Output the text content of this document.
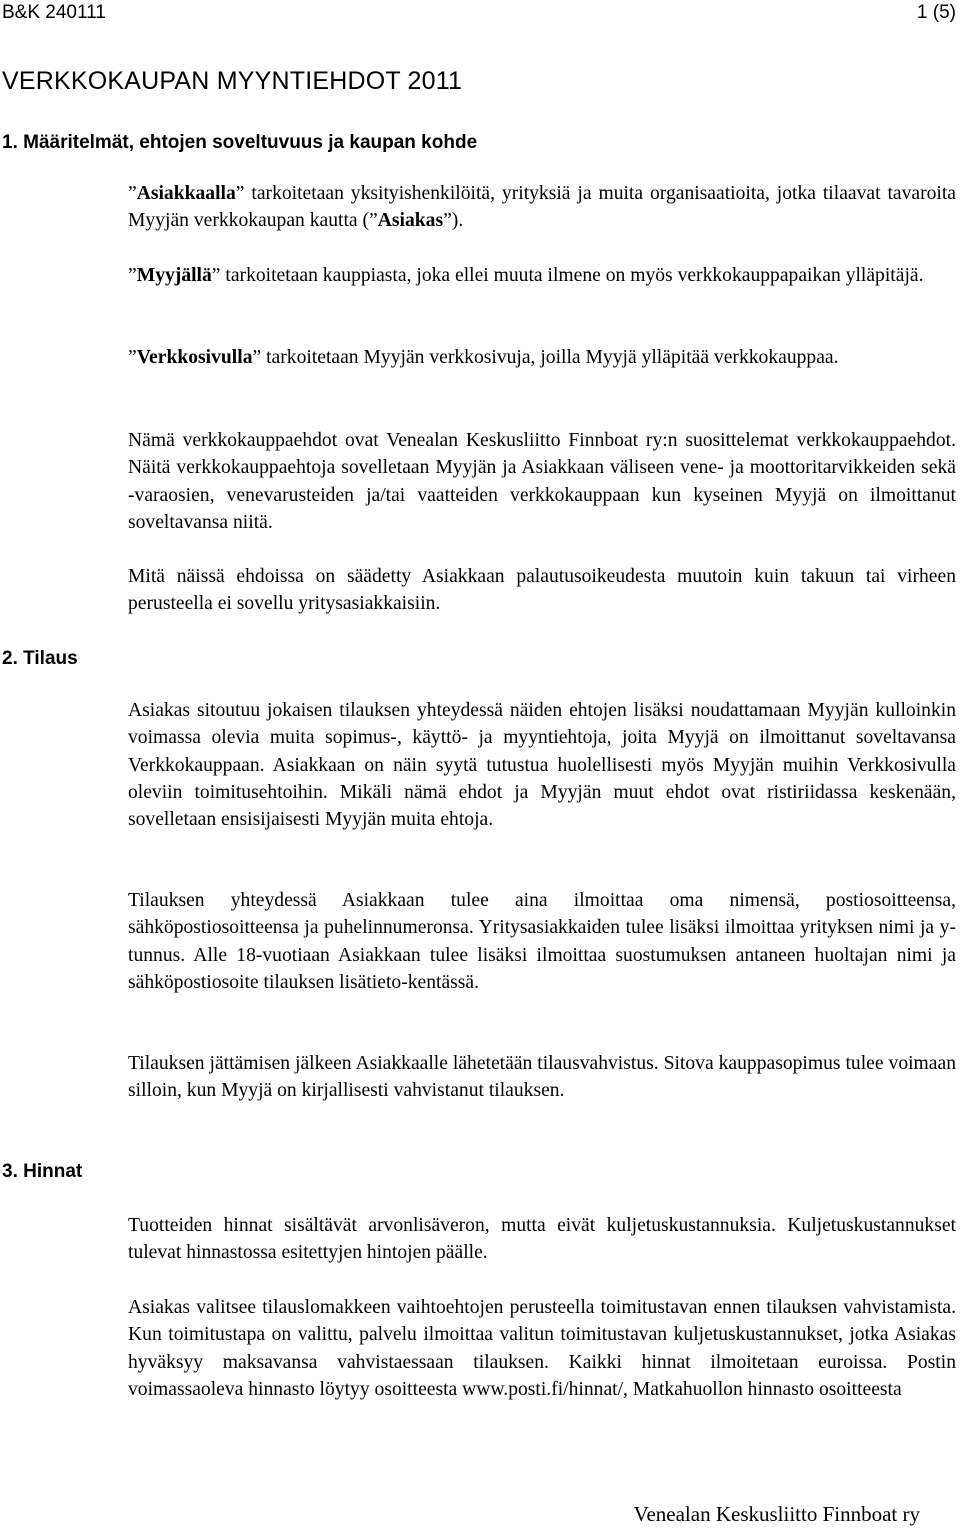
B&K 240111	1 (5)
VERKKOKAUPAN MYYNTIEHDOT 2011
1. Määritelmät, ehtojen soveltuvuus ja kaupan kohde

”Asiakkaalla” tarkoitetaan yksityishenkilöitä, yrityksiä ja muita organisaatioita, jotka tilaavat tavaroita Myyjän verkkokaupan kautta (”Asiakas”).

”Myyjällä” tarkoitetaan kauppiasta, joka ellei muuta ilmene on myös verkkokauppapaikan ylläpitäjä.

”Verkkosivulla” tarkoitetaan Myyjän verkkosivuja, joilla Myyjä ylläpitää verkkokauppaa.

Nämä verkkokauppaehdot ovat Venealan Keskusliitto Finnboat ry:n suosittelemat verkkokauppaehdot. Näitä verkkokauppaehtoja sovelletaan Myyjän ja Asiakkaan väliseen vene- ja moottoritarvikkeiden sekä -varaosien, venevarusteiden ja/tai vaatteiden verkkokauppaan kun kyseinen Myyjä on ilmoittanut soveltavansa niitä.

Mitä näissä ehdoissa on säädetty Asiakkaan palautusoikeudesta muutoin kuin takuun tai virheen perusteella ei sovellu yritysasiakkaisiin.

2. Tilaus

Asiakas sitoutuu jokaisen tilauksen yhteydessä näiden ehtojen lisäksi noudattamaan Myyjän kulloinkin voimassa olevia muita sopimus-, käyttö- ja myyntiehtoja, joita Myyjä on ilmoittanut soveltavansa Verkkokauppaan. Asiakkaan on näin syytä tutustua huolellisesti myös Myyjän muihin Verkkosivulla oleviin toimitusehtoihin. Mikäli nämä ehdot ja Myyjän muut ehdot ovat ristiriidassa keskenään, sovelletaan ensisijaisesti Myyjän muita ehtoja.

Tilauksen yhteydessä Asiakkaan tulee aina ilmoittaa oma nimensä, postiosoitteensa, sähköpostiosoitteensa ja puhelinnumeronsa. Yritysasiakkaiden tulee lisäksi ilmoittaa yrityksen nimi ja y-tunnus. Alle 18-vuotiaan Asiakkaan tulee lisäksi ilmoittaa suostumuksen antaneen huoltajan nimi ja sähköpostiosoite tilauksen lisätieto-kentässä.

Tilauksen jättämisen jälkeen Asiakkaalle lähetetään tilausvahvistus. Sitova kauppasopimus tulee voimaan silloin, kun Myyjä on kirjallisesti vahvistanut tilauksen.

3. Hinnat

Tuotteiden hinnat sisältävät arvonlisäveron, mutta eivät kuljetuskustannuksia. Kuljetuskustannukset tulevat hinnastossa esitettyjen hintojen päälle.

Asiakas valitsee tilauslomakkeen vaihtoehtojen perusteella toimitustavan ennen tilauksen vahvistamista. Kun toimitustapa on valittu, palvelu ilmoittaa valitun toimitustavan kuljetuskustannukset, jotka Asiakas hyväksyy maksavansa vahvistaessaan tilauksen. Kaikki hinnat ilmoitetaan euroissa. Postin voimassaoleva hinnasto löytyy osoitteesta www.posti.fi/hinnat/, Matkahuollon hinnasto osoitteesta

Venealan Keskusliitto Finnboat ry
